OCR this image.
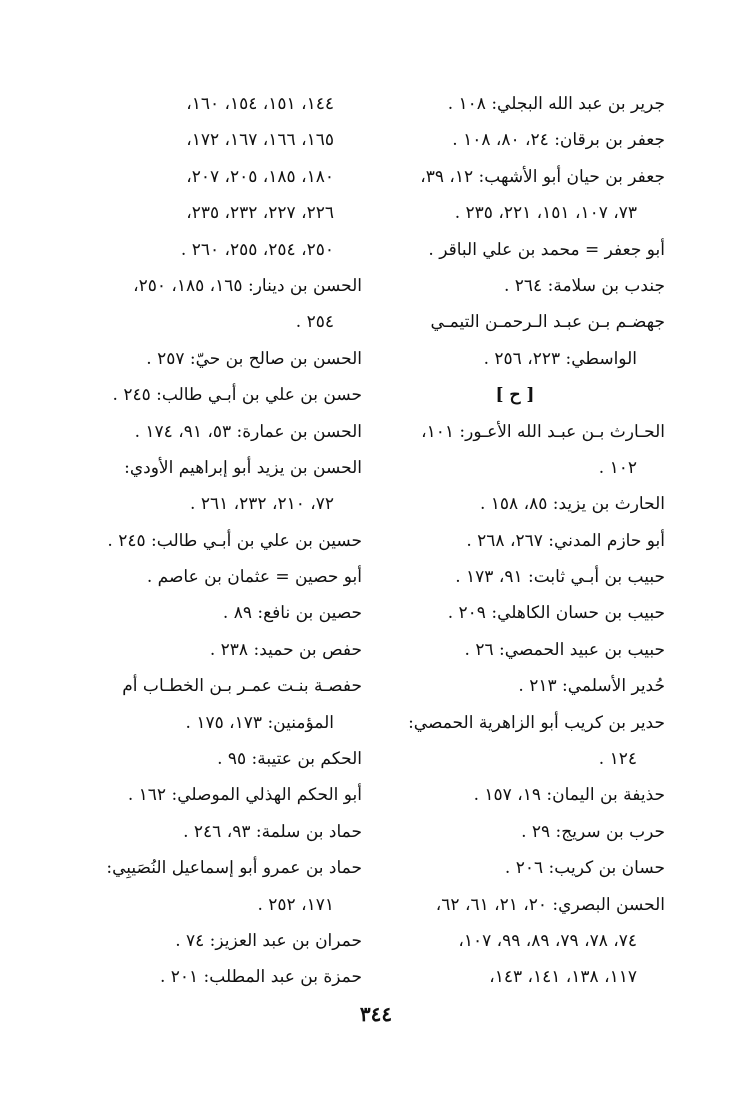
جرير بن عبد الله البجلي: ١٠٨ .
جعفر بن برقان: ٢٤، ٨٠، ١٠٨ .
جعفر بن حيان أبو الأشهب: ١٢، ٣٩،
٧٣، ١٠٧، ١٥١، ٢٢١، ٢٣٥ .
أبو جعفر = محمد بن علي الباقر .
جندب بن سلامة: ٢٦٤ .
جهضـم بـن عبـد الـرحمـن التيمـي
الواسطي: ٢٢٣، ٢٥٦ .
[ ح ]
الحـارث بـن عبـد الله الأعـور: ١٠١،
١٠٢ .
الحارث بن يزيد: ٨٥، ١٥٨ .
أبو حازم المدني: ٢٦٧، ٢٦٨ .
حبيب بن أبـي ثابت: ٩١، ١٧٣ .
حبيب بن حسان الكاهلي: ٢٠٩ .
حبيب بن عبيد الحمصي: ٢٦ .
حُدير الأسلمي: ٢١٣ .
حدير بن كريب أبو الزاهرية الحمصي:
١٢٤ .
حذيفة بن اليمان: ١٩، ١٥٧ .
حرب بن سريج: ٢٩ .
حسان بن كريب: ٢٠٦ .
الحسن البصري: ٢٠، ٢١، ٦١، ٦٢،
٧٤، ٧٨، ٧٩، ٨٩، ٩٩، ١٠٧،
١١٧، ١٣٨، ١٤١، ١٤٣،
١٤٤، ١٥١، ١٥٤، ١٦٠،
١٦٥، ١٦٦، ١٦٧، ١٧٢،
١٨٠، ١٨٥، ٢٠٥، ٢٠٧،
٢٢٦، ٢٢٧، ٢٣٢، ٢٣٥،
٢٥٠، ٢٥٤، ٢٥٥، ٢٦٠ .
الحسن بن دينار: ١٦٥، ١٨٥، ٢٥٠،
٢٥٤ .
الحسن بن صالح بن حيّ: ٢٥٧ .
حسن بن علي بن أبـي طالب: ٢٤٥ .
الحسن بن عمارة: ٥٣، ٩١، ١٧٤ .
الحسن بن يزيد أبو إبراهيم الأودي:
٧٢، ٢١٠، ٢٣٢، ٢٦١ .
حسين بن علي بن أبـي طالب: ٢٤٥ .
أبو حصين = عثمان بن عاصم .
حصين بن نافع: ٨٩ .
حفص بن حميد: ٢٣٨ .
حفصـة بنـت عمـر بـن الخطـاب أم
المؤمنين: ١٧٣، ١٧٥ .
الحكم بن عتيبة: ٩٥ .
أبو الحكم الهذلي الموصلي: ١٦٢ .
حماد بن سلمة: ٩٣، ٢٤٦ .
حماد بن عمرو أبو إسماعيل النُصَيبِي:
١٧١، ٢٥٢ .
حمران بن عبد العزيز: ٧٤ .
حمزة بن عبد المطلب: ٢٠١ .
٣٤٤
